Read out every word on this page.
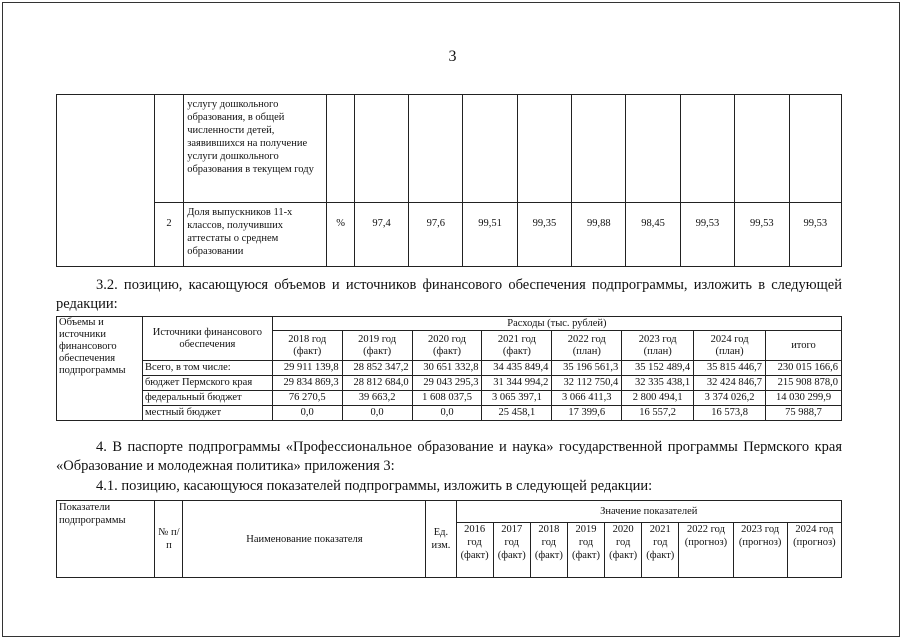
3
		услугу дошкольного образования, в общей численности детей, заявившихся на получение услуги дошкольного образования в текущем году										
	2	Доля выпускников 11-х классов, получивших аттестаты о среднем образовании	%	97,4	97,6	99,51	99,35	99,88	98,45	99,53	99,53	99,53
3.2. позицию, касающуюся объемов и источников финансового обеспечения подпрограммы, изложить в следующей редакции:
Объемы и источники финансового обеспечения подпрограммы	Источники финансового обеспечения	Расходы (тыс. рублей)							
		2018 год (факт)	2019 год (факт)	2020 год (факт)	2021 год (факт)	2022 год (план)	2023 год (план)	2024 год (план)	итого
	Всего, в том числе:	29 911 139,8	28 852 347,2	30 651 332,8	34 435 849,4	35 196 561,3	35 152 489,4	35 815 446,7	230 015 166,6
	бюджет Пермского края	29 834 869,3	28 812 684,0	29 043 295,3	31 344 994,2	32 112 750,4	32 335 438,1	32 424 846,7	215 908 878,0
	федеральный бюджет	76 270,5	39 663,2	1 608 037,5	3 065 397,1	3 066 411,3	2 800 494,1	3 374 026,2	14 030 299,9
	местный бюджет	0,0	0,0	0,0	25 458,1	17 399,6	16 557,2	16 573,8	75 988,7
4. В паспорте подпрограммы «Профессиональное образование и наука» государственной программы Пермского края «Образование и молодежная политика» приложения 3:
4.1. позицию, касающуюся показателей подпрограммы, изложить в следующей редакции:
Показатели подпрограммы	№ п/п	Наименование показателя	Ед. изм.	Значение показателей								
				2016
год
(факт)	2017
год
(факт)	2018
год
(факт)	2019
год
(факт)	2020
год
(факт)	2021
год
(факт)	2022 год
(прогноз)	2023 год
(прогноз)	2024 год
(прогноз)
